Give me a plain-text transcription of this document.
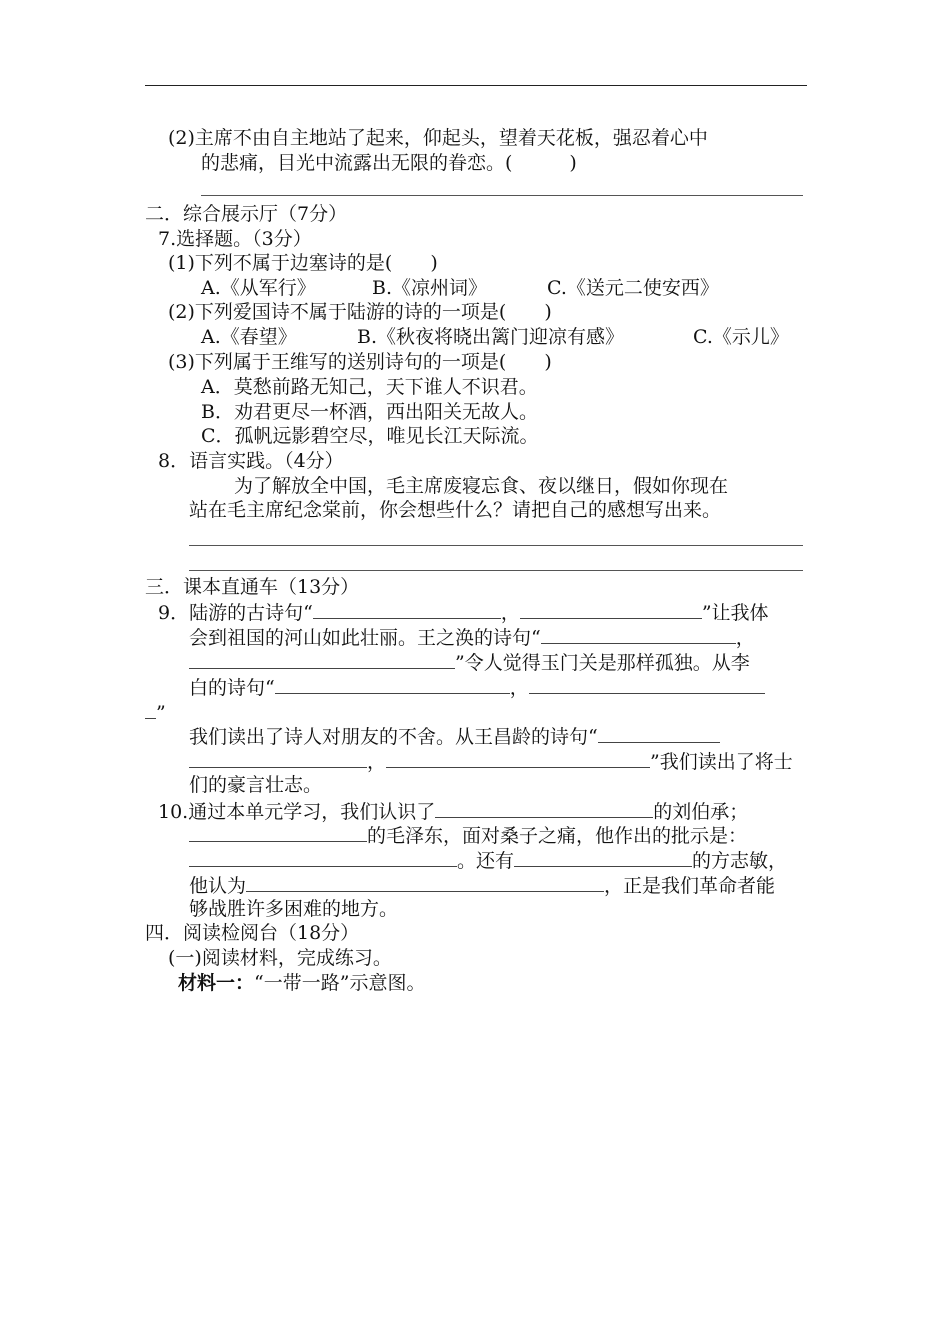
(2)主席不由自主地站了起来，仰起头，望着天花板，强忍着心中
的悲痛，目光中流露出无限的眷恋。(　　　)
二．综合展示厅（7分）
7.选择题。（3分）
(1)下列不属于边塞诗的是(　　)
A.《从军行》	B.《凉州词》	C.《送元二使安西》
(2)下列爱国诗不属于陆游的诗的一项是(　　)
A.《春望》	B.《秋夜将晓出篱门迎凉有感》	C.《示儿》
(3)下列属于王维写的送别诗句的一项是(　　)
A．莫愁前路无知己，天下谁人不识君。
B．劝君更尽一杯酒，西出阳关无故人。
C．孤帆远影碧空尽，唯见长江天际流。
8．语言实践。（4分）
为了解放全中国，毛主席废寝忘食、夜以继日，假如你现在
站在毛主席纪念棠前，你会想些什么？请把自己的感想写出来。
三．课本直通车（13分）
9．陆游的古诗句“	，	”让我体
会到祖国的河山如此壮丽。王之涣的诗句“	，
”令人觉得玉门关是那样孤独。从李
白的诗句“	，
”
我们读出了诗人对朋友的不舍。从王昌龄的诗句“
，	”我们读出了将士
们的豪言壮志。
10.通过本单元学习，我们认识了	的刘伯承；
的毛泽东，面对桑子之痛，他作出的批示是：
。还有	的方志敏，
他认为	，正是我们革命者能
够战胜许多困难的地方。
四．阅读检阅台（18分）
(一)阅读材料，完成练习。
材料一：“一带一路”示意图。
